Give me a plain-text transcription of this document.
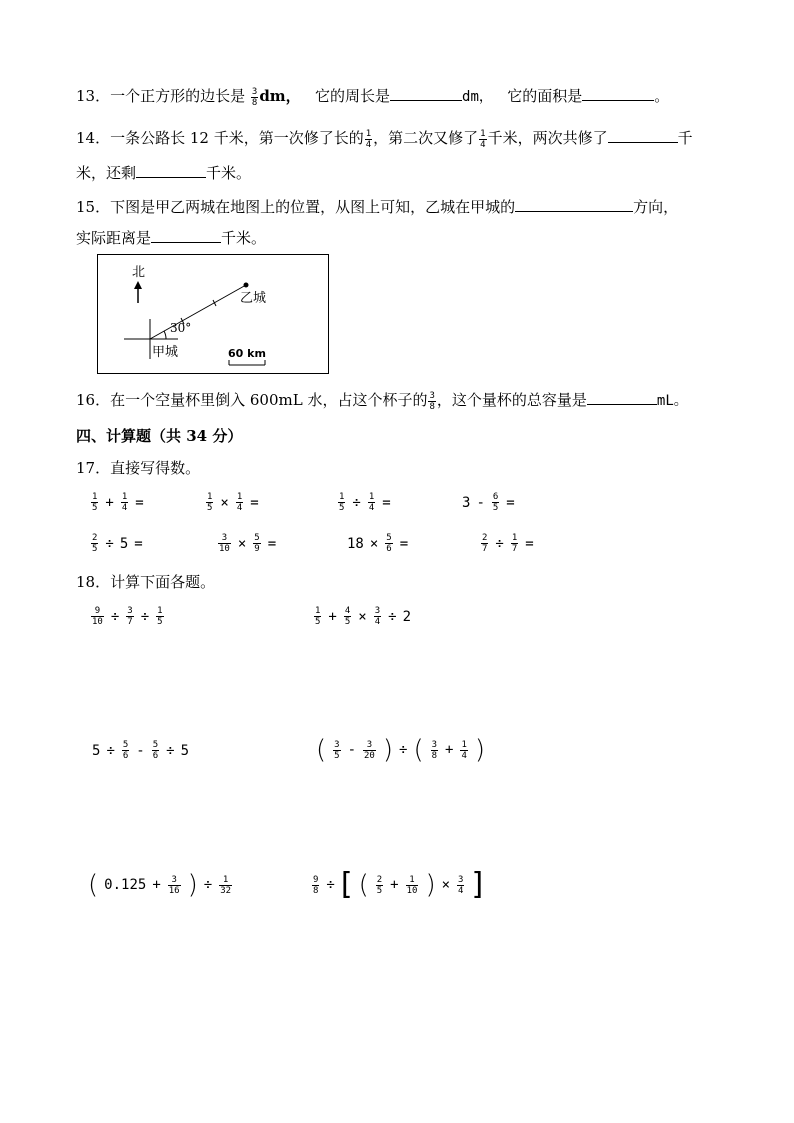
13．一个正方形的边长是 $\frac{3}{8}$ dm， 它的周长是	dm， 它的面积是	。
14．一条公路长 12 千米，第一次修了长的 $\frac{1}{4}$ ，第二次又修了 $\frac{1}{4}$ 千米，两次共修了	千
米，还剩	千米。
15．下图是甲乙两城在地图上的位置，从图上可知，乙城在甲城的	方向，
实际距离是	千米。
北
30°
甲城
乙城
60 km
16．在一个空量杯里倒入 600mL 水，占这个杯子的 $\frac{3}{8}$ ，这个量杯的总容量是	mL。
四、计算题（共 34 分）
17．直接写得数。
$\frac{1}{5} + \frac{1}{4}$ =	$\frac{1}{5} \times \frac{1}{4}$ =	$\frac{1}{5} \div \frac{1}{4}$ =	$3 - \frac{6}{5}$ =
$\frac{2}{5} \div 5$ =	$\frac{3}{10} \times \frac{5}{9}$ =	$18 \times \frac{5}{6}$ =	$\frac{2}{7} \div \frac{1}{7}$ =
18．计算下面各题。
$\frac{9}{10} \div \frac{3}{7} \div \frac{1}{5}$	$\frac{1}{5} + \frac{4}{5} \times \frac{3}{4} \div 2$
$5 \div \frac{5}{6} - \frac{5}{6} \div 5$	( $\frac{3}{5} - \frac{3}{20}$ ) ÷ ( $\frac{3}{8} + \frac{1}{4}$ )
( $0.125 + \frac{3}{16}$ ) ÷ $\frac{1}{32}$	$\frac{9}{8}$ ÷ [ ( $\frac{2}{5} + \frac{1}{10}$ ) × $\frac{3}{4}$ ]
